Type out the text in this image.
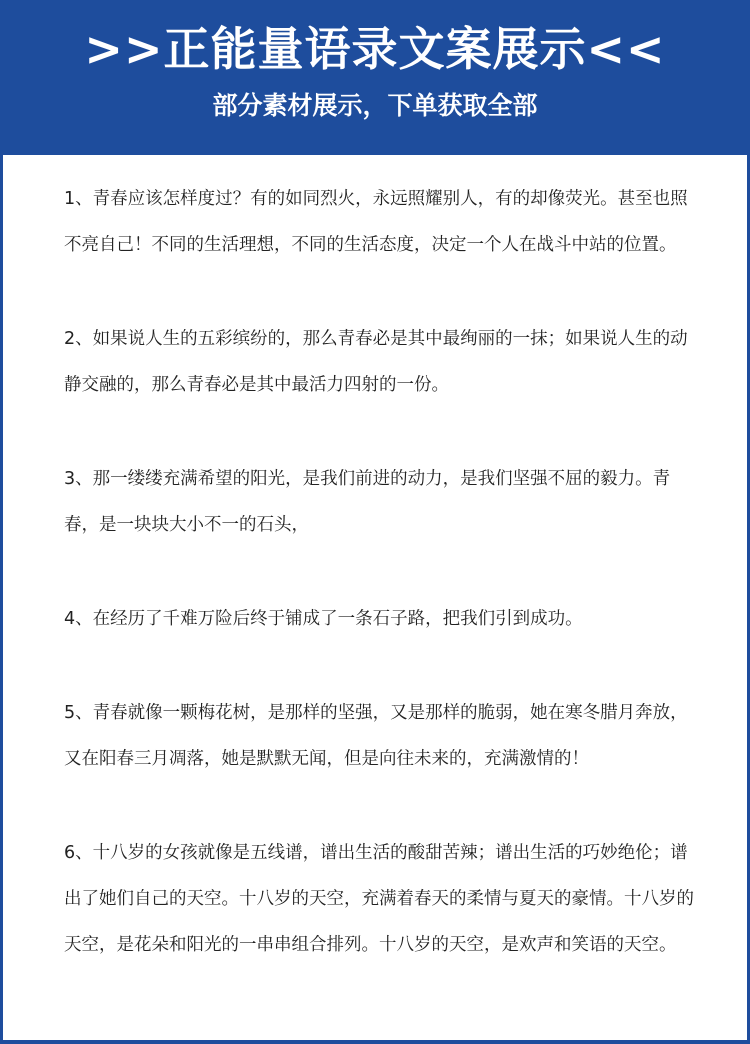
>>正能量语录文案展示<<
部分素材展示，下单获取全部

1、青春应该怎样度过？有的如同烈火，永远照耀别人，有的却像荧光。甚至也照不亮自己！不同的生活理想，不同的生活态度，决定一个人在战斗中站的位置。

2、如果说人生的五彩缤纷的，那么青春必是其中最绚丽的一抹；如果说人生的动静交融的，那么青春必是其中最活力四射的一份。

3、那一缕缕充满希望的阳光，是我们前进的动力，是我们坚强不屈的毅力。青春，是一块块大小不一的石头，

4、在经历了千难万险后终于铺成了一条石子路，把我们引到成功。

5、青春就像一颗梅花树，是那样的坚强，又是那样的脆弱，她在寒冬腊月奔放，又在阳春三月凋落，她是默默无闻，但是向往未来的，充满激情的！

6、十八岁的女孩就像是五线谱，谱出生活的酸甜苦辣；谱出生活的巧妙绝伦；谱出了她们自己的天空。十八岁的天空，充满着春天的柔情与夏天的豪情。十八岁的天空，是花朵和阳光的一串串组合排列。十八岁的天空，是欢声和笑语的天空。
